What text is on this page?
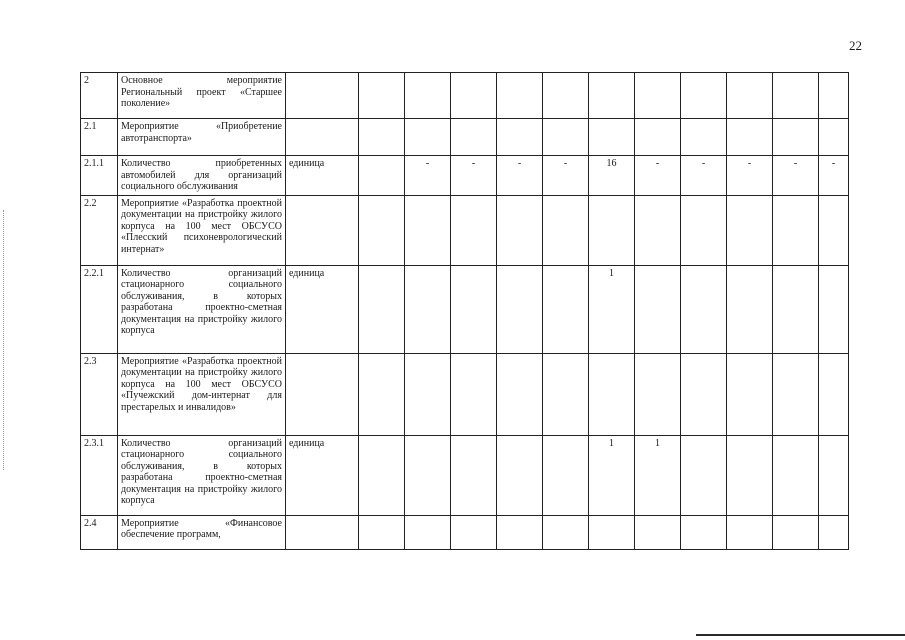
22
2	Основное мероприятие Региональный проект «Старшее поколение»												
2.1	Мероприятие «Приобретение автотранспорта»												
2.1.1	Количество приобретенных автомобилей для организаций социального обслуживания	единица		-	-	-	-	16	-	-	-	-	-
2.2	Мероприятие «Разработка проектной документации на пристройку жилого корпуса на 100 мест ОБСУСО «Плесский психоневрологический интернат»												
2.2.1	Количество организаций стационарного социального обслуживания, в которых разработана проектно-сметная документация на пристройку жилого корпуса	единица						1					
2.3	Мероприятие «Разработка проектной документации на пристройку жилого корпуса на 100 мест ОБСУСО «Пучежский дом-интернат для престарелых и инвалидов»												
2.3.1	Количество организаций стационарного социального обслуживания, в которых разработана проектно-сметная документация на пристройку жилого корпуса	единица						1	1				
2.4	Мероприятие «Финансовое обеспечение программ,												
